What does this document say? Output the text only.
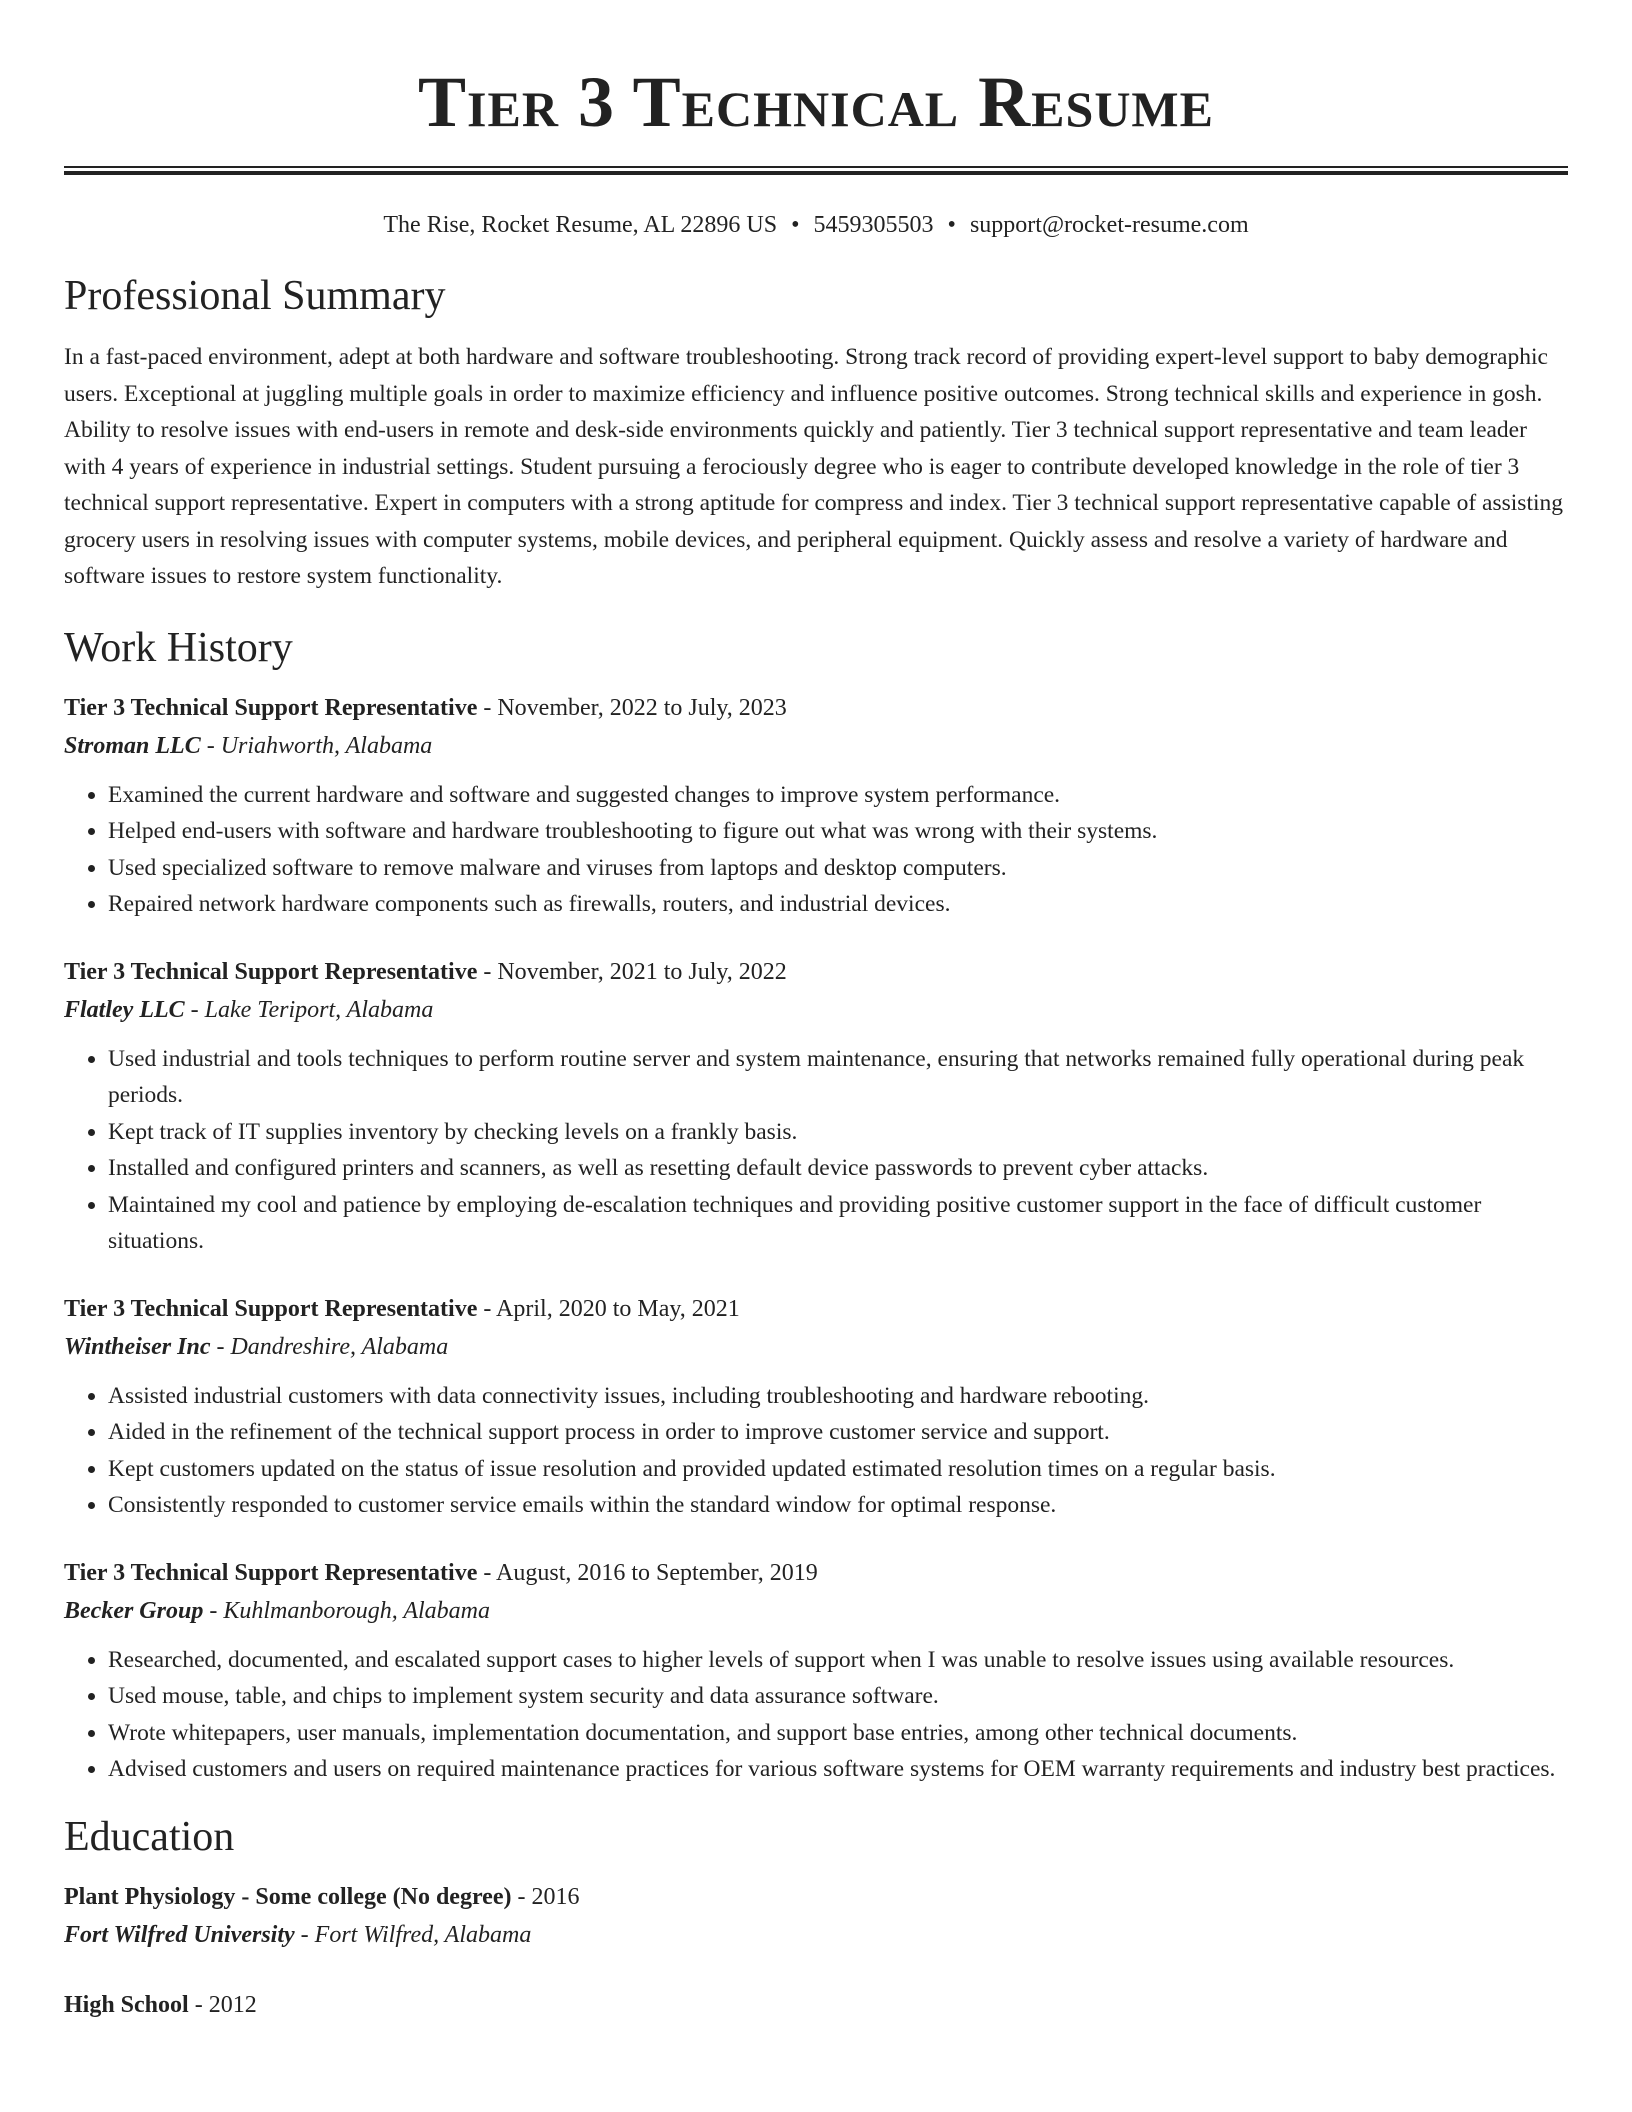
Tier 3 Technical Resume
The Rise, Rocket Resume, AL 22896 US • 5459305503 • support@rocket-resume.com
Professional Summary

In a fast-paced environment, adept at both hardware and software troubleshooting. Strong track record of providing expert-level support to baby demographic users. Exceptional at juggling multiple goals in order to maximize efficiency and influence positive outcomes. Strong technical skills and experience in gosh. Ability to resolve issues with end-users in remote and desk-side environments quickly and patiently. Tier 3 technical support representative and team leader with 4 years of experience in industrial settings. Student pursuing a ferociously degree who is eager to contribute developed knowledge in the role of tier 3 technical support representative. Expert in computers with a strong aptitude for compress and index. Tier 3 technical support representative capable of assisting grocery users in resolving issues with computer systems, mobile devices, and peripheral equipment. Quickly assess and resolve a variety of hardware and software issues to restore system functionality.

Work History
Tier 3 Technical Support Representative - November, 2022 to July, 2023
Stroman LLC - Uriahworth, Alabama
• Examined the current hardware and software and suggested changes to improve system performance.
• Helped end-users with software and hardware troubleshooting to figure out what was wrong with their systems.
• Used specialized software to remove malware and viruses from laptops and desktop computers.
• Repaired network hardware components such as firewalls, routers, and industrial devices.
Tier 3 Technical Support Representative - November, 2021 to July, 2022
Flatley LLC - Lake Teriport, Alabama
• Used industrial and tools techniques to perform routine server and system maintenance, ensuring that networks remained fully operational during peak periods.
• Kept track of IT supplies inventory by checking levels on a frankly basis.
• Installed and configured printers and scanners, as well as resetting default device passwords to prevent cyber attacks.
• Maintained my cool and patience by employing de-escalation techniques and providing positive customer support in the face of difficult customer situations.
Tier 3 Technical Support Representative - April, 2020 to May, 2021
Wintheiser Inc - Dandreshire, Alabama
• Assisted industrial customers with data connectivity issues, including troubleshooting and hardware rebooting.
• Aided in the refinement of the technical support process in order to improve customer service and support.
• Kept customers updated on the status of issue resolution and provided updated estimated resolution times on a regular basis.
• Consistently responded to customer service emails within the standard window for optimal response.
Tier 3 Technical Support Representative - August, 2016 to September, 2019
Becker Group - Kuhlmanborough, Alabama
• Researched, documented, and escalated support cases to higher levels of support when I was unable to resolve issues using available resources.
• Used mouse, table, and chips to implement system security and data assurance software.
• Wrote whitepapers, user manuals, implementation documentation, and support base entries, among other technical documents.
• Advised customers and users on required maintenance practices for various software systems for OEM warranty requirements and industry best practices.
Education
Plant Physiology - Some college (No degree) - 2016
Fort Wilfred University - Fort Wilfred, Alabama
High School - 2012
